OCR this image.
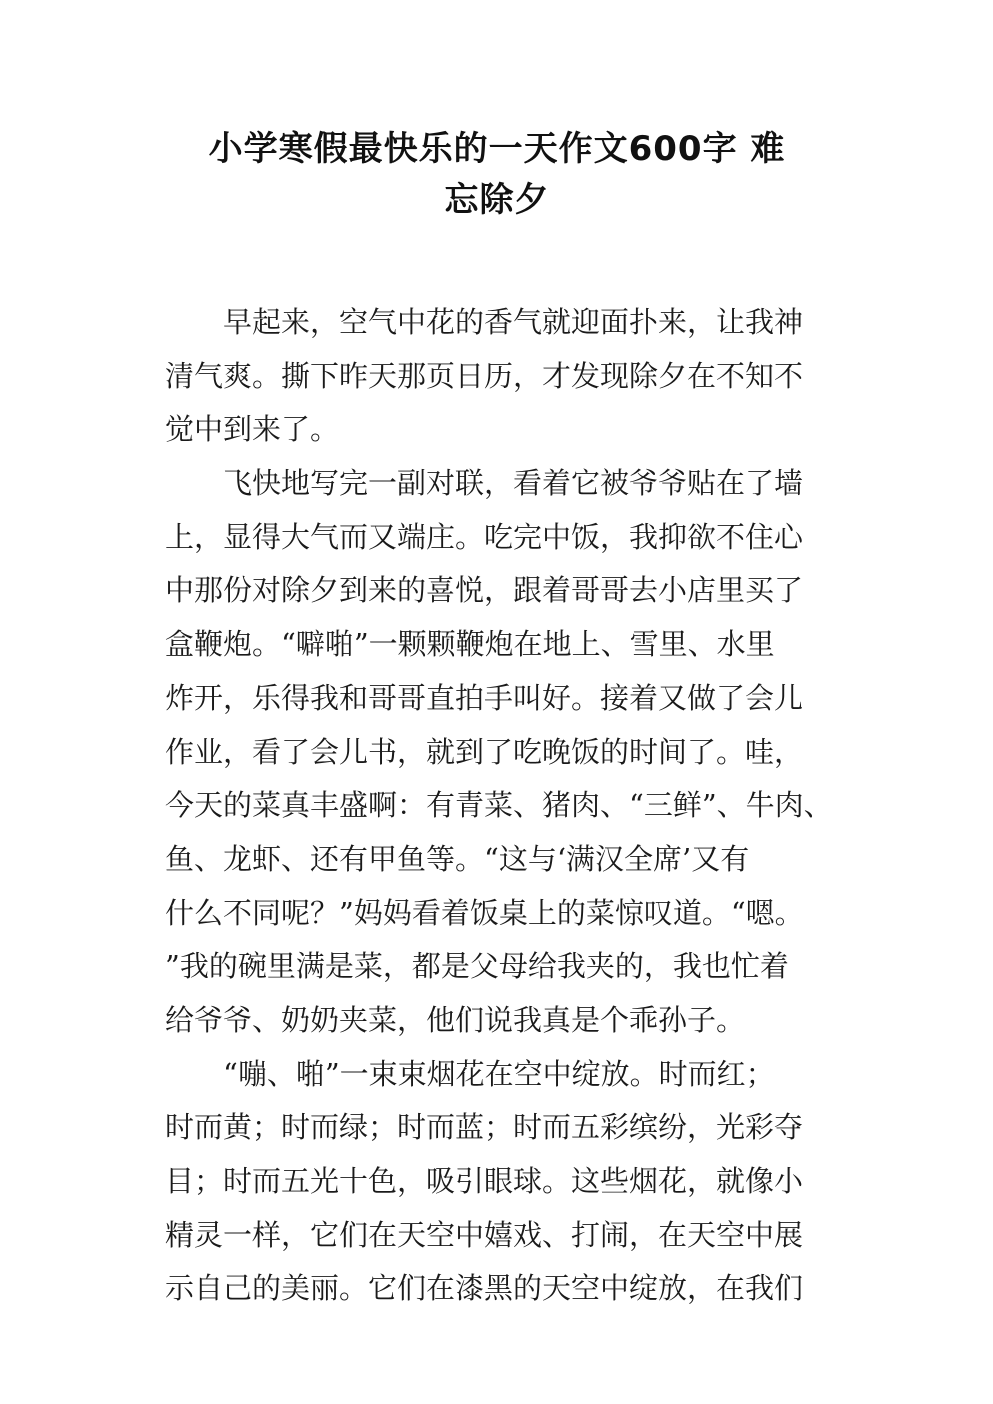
小学寒假最快乐的一天作文600字 难
忘除夕
早起来，空气中花的香气就迎面扑来，让我神
清气爽。撕下昨天那页日历，才发现除夕在不知不
觉中到来了。
飞快地写完一副对联，看着它被爷爷贴在了墙
上，显得大气而又端庄。吃完中饭，我抑欲不住心
中那份对除夕到来的喜悦，跟着哥哥去小店里买了
盒鞭炮。“噼啪”一颗颗鞭炮在地上、雪里、水里
炸开，乐得我和哥哥直拍手叫好。接着又做了会儿
作业，看了会儿书，就到了吃晚饭的时间了。哇，
今天的菜真丰盛啊：有青菜、猪肉、“三鲜”、牛肉、
鱼、龙虾、还有甲鱼等。“这与‘满汉全席’又有
什么不同呢？”妈妈看着饭桌上的菜惊叹道。“嗯。
”我的碗里满是菜，都是父母给我夹的，我也忙着
给爷爷、奶奶夹菜，他们说我真是个乖孙子。
“嘣、啪”一束束烟花在空中绽放。时而红；
时而黄；时而绿；时而蓝；时而五彩缤纷，光彩夺
目；时而五光十色，吸引眼球。这些烟花，就像小
精灵一样，它们在天空中嬉戏、打闹，在天空中展
示自己的美丽。它们在漆黑的天空中绽放，在我们
